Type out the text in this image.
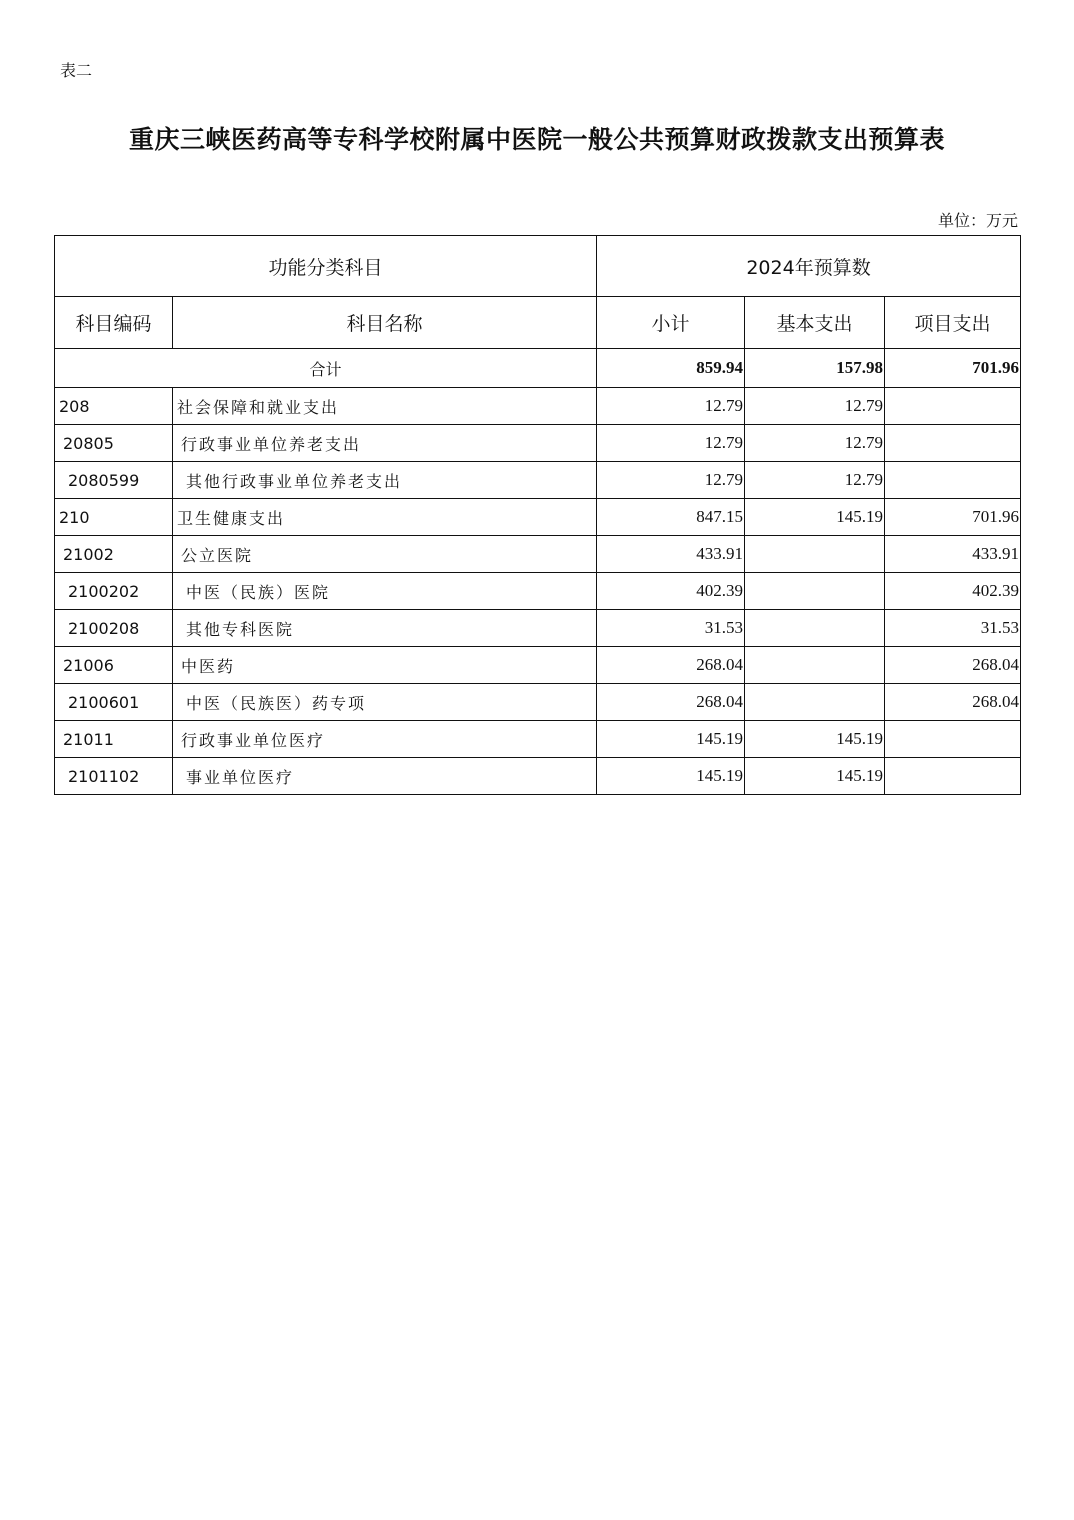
表二
重庆三峡医药高等专科学校附属中医院一般公共预算财政拨款支出预算表
单位：万元
功能分类科目		2024年预算数		
科目编码	科目名称	小计	基本支出	项目支出
合计		859.94	157.98	701.96
208	社会保障和就业支出	12.79	12.79	
20805	行政事业单位养老支出	12.79	12.79	
2080599	其他行政事业单位养老支出	12.79	12.79	
210	卫生健康支出	847.15	145.19	701.96
21002	公立医院	433.91		433.91
2100202	中医（民族）医院	402.39		402.39
2100208	其他专科医院	31.53		31.53
21006	中医药	268.04		268.04
2100601	中医（民族医）药专项	268.04		268.04
21011	行政事业单位医疗	145.19	145.19	
2101102	事业单位医疗	145.19	145.19	
